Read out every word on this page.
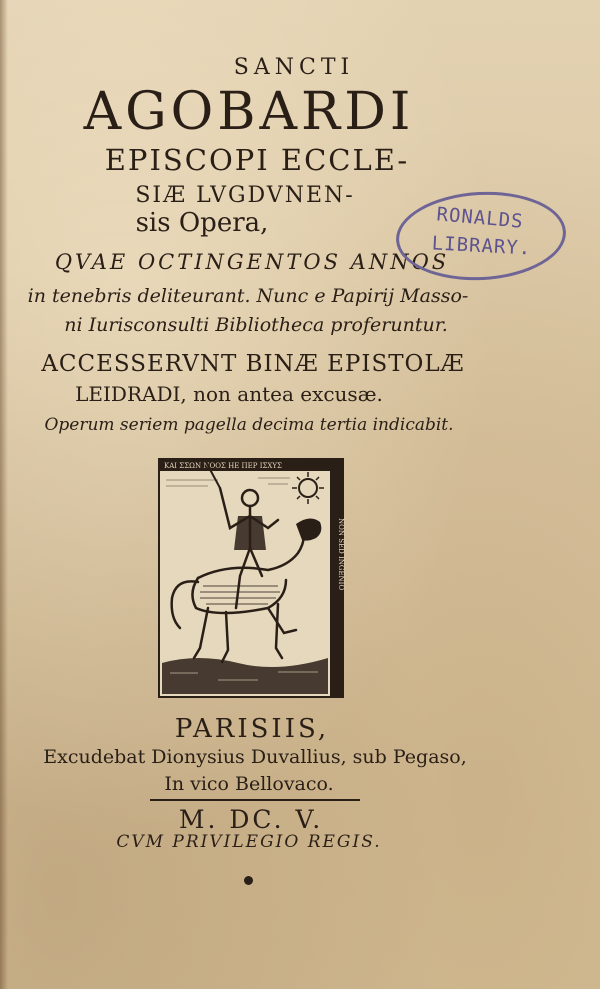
SANCTI
AGOBARDI
EPISCOPI ECCLE-
SIÆ LVGDVNEN-
sis Opera,
QVAE OCTINGENTOS ANNOS
in tenebris deliteurant. Nunc e Papirij Masso-
ni Iurisconsulti Bibliotheca proferuntur.
ACCESSERVNT BINÆ EPISTOLÆ
LEIDRADI, non antea excusæ.
Operum seriem pagella decima tertia indicabit.
RONALDS
LIBRARY.
ΚΑΙ ΣΣΩΝ ΝΟΟΣ ΗΕ ΠΕΡ ΙΣΧΥΣ
NON SED INGENIO
PARISIIS,
Excudebat Dionysius Duvallius, sub Pegaso,
In vico Bellovaco.
M. DC. V.
CVM PRIVILEGIO REGIS.
